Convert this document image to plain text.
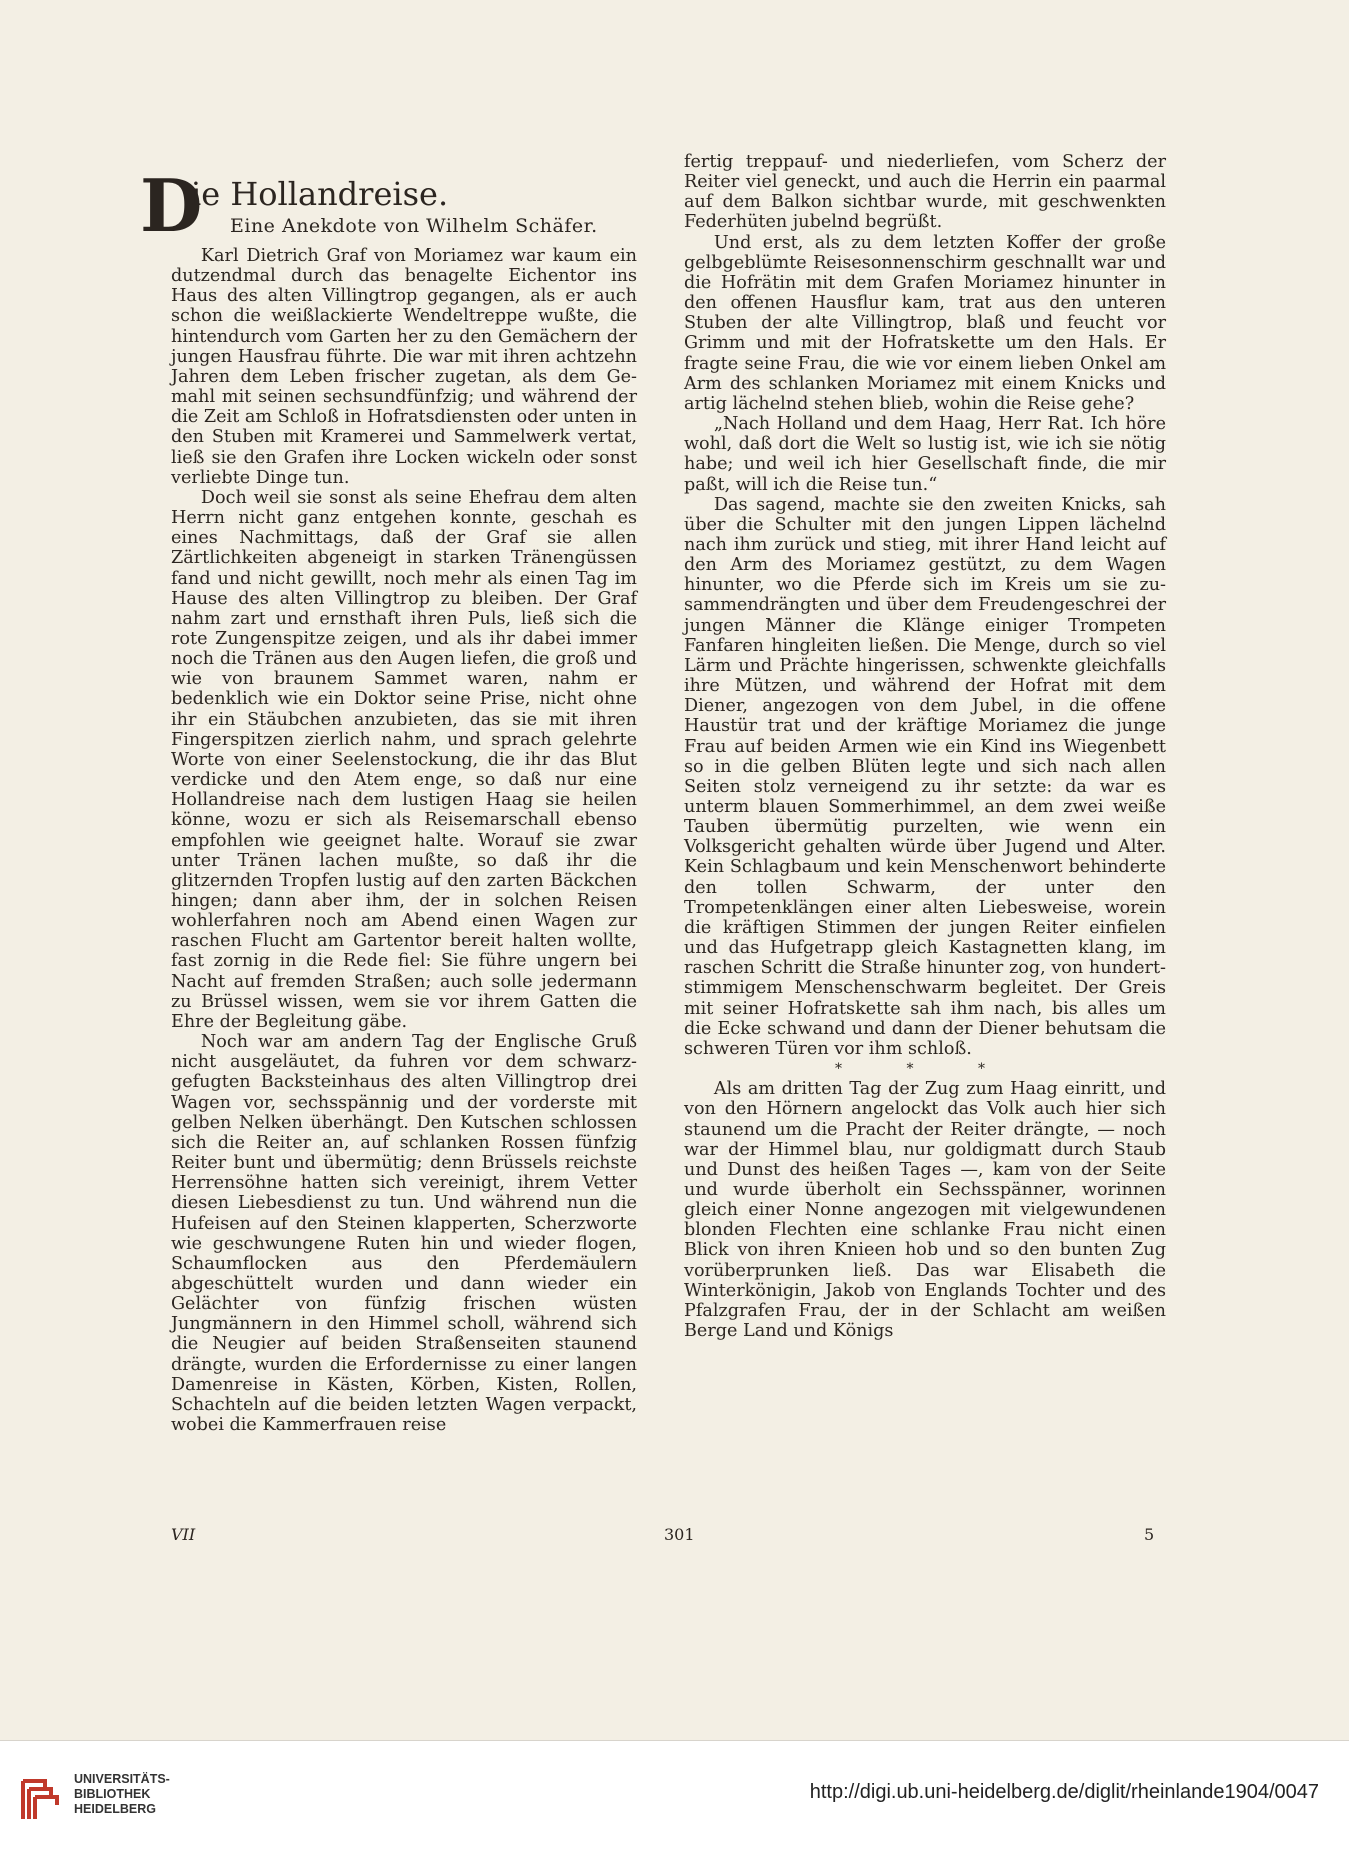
D
ie Hollandreise.
Eine Anekdote von Wilhelm Schäfer.

Karl Dietrich Graf von Moriamez war kaum ein dutzendmal durch das benagelte Eichentor ins Haus des alten Villingtrop gegangen, als er auch schon die weißlackierte Wendeltreppe wußte, die hintendurch vom Garten her zu den Gemächern der jungen Hausfrau führte. Die war mit ihren achtzehn Jahren dem Leben frischer zugetan, als dem Gemahl mit seinen sechsundfünfzig; und während der die Zeit am Schloß in Hofratsdiensten oder unten in den Stuben mit Kramerei und Sammelwerk vertat, ließ sie den Grafen ihre Locken wickeln oder sonst verliebte Dinge tun.

Doch weil sie sonst als seine Ehefrau dem alten Herrn nicht ganz entgehen konnte, geschah es eines Nachmittags, daß der Graf sie allen Zärtlichkeiten abgeneigt in starken Tränengüssen fand und nicht gewillt, noch mehr als einen Tag im Hause des alten Villingtrop zu bleiben. Der Graf nahm zart und ernsthaft ihren Puls, ließ sich die rote Zungenspitze zeigen, und als ihr dabei immer noch die Tränen aus den Augen liefen, die groß und wie von braunem Sammet waren, nahm er bedenklich wie ein Doktor seine Prise, nicht ohne ihr ein Stäubchen anzubieten, das sie mit ihren Fingerspitzen zierlich nahm, und sprach gelehrte Worte von einer Seelenstockung, die ihr das Blut verdicke und den Atem enge, so daß nur eine Hollandreise nach dem lustigen Haag sie heilen könne, wozu er sich als Reisemarschall ebenso empfohlen wie geeignet halte. Worauf sie zwar unter Tränen lachen mußte, so daß ihr die glitzernden Tropfen lustig auf den zarten Bäckchen hingen; dann aber ihm, der in solchen Reisen wohlerfahren noch am Abend einen Wagen zur raschen Flucht am Gartentor bereit halten wollte, fast zornig in die Rede fiel: Sie führe ungern bei Nacht auf fremden Straßen; auch solle jedermann zu Brüssel wissen, wem sie vor ihrem Gatten die Ehre der Begleitung gäbe.

Noch war am andern Tag der Englische Gruß nicht ausgeläutet, da fuhren vor dem schwarzgefugten Backsteinhaus des alten Villingtrop drei Wagen vor, sechsspännig und der vorderste mit gelben Nelken überhängt. Den Kutschen schlossen sich die Reiter an, auf schlanken Rossen fünfzig Reiter bunt und übermütig; denn Brüssels reichste Herrensöhne hatten sich vereinigt, ihrem Vetter diesen Liebesdienst zu tun. Und während nun die Hufeisen auf den Steinen klapperten, Scherzworte wie geschwungene Ruten hin und wieder flogen, Schaumflocken aus den Pferdemäulern abgeschüttelt wurden und dann wieder ein Gelächter von fünfzig frischen wüsten Jungmännern in den Himmel scholl, während sich die Neugier auf beiden Straßenseiten staunend drängte, wurden die Erfordernisse zu einer langen Damenreise in Kästen, Körben, Kisten, Rollen, Schachteln auf die beiden letzten Wagen verpackt, wobei die Kammerfrauen reise

fertig treppauf- und niederliefen, vom Scherz der Reiter viel geneckt, und auch die Herrin ein paarmal auf dem Balkon sichtbar wurde, mit geschwenkten Federhüten jubelnd begrüßt.

Und erst, als zu dem letzten Koffer der große gelbgeblümte Reisesonnenschirm geschnallt war und die Hofrätin mit dem Grafen Moriamez hinunter in den offenen Hausflur kam, trat aus den unteren Stuben der alte Villingtrop, blaß und feucht vor Grimm und mit der Hofratskette um den Hals. Er fragte seine Frau, die wie vor einem lieben Onkel am Arm des schlanken Moriamez mit einem Knicks und artig lächelnd stehen blieb, wohin die Reise gehe?

„Nach Holland und dem Haag, Herr Rat. Ich höre wohl, daß dort die Welt so lustig ist, wie ich sie nötig habe; und weil ich hier Gesellschaft finde, die mir paßt, will ich die Reise tun.“

Das sagend, machte sie den zweiten Knicks, sah über die Schulter mit den jungen Lippen lächelnd nach ihm zurück und stieg, mit ihrer Hand leicht auf den Arm des Moriamez gestützt, zu dem Wagen hinunter, wo die Pferde sich im Kreis um sie zusammendrängten und über dem Freudengeschrei der jungen Männer die Klänge einiger Trompeten Fanfaren hingleiten ließen. Die Menge, durch so viel Lärm und Prächte hingerissen, schwenkte gleichfalls ihre Mützen, und während der Hofrat mit dem Diener, angezogen von dem Jubel, in die offene Haustür trat und der kräftige Moriamez die junge Frau auf beiden Armen wie ein Kind ins Wiegenbett so in die gelben Blüten legte und sich nach allen Seiten stolz verneigend zu ihr setzte: da war es unterm blauen Sommerhimmel, an dem zwei weiße Tauben übermütig purzelten, wie wenn ein Volksgericht gehalten würde über Jugend und Alter. Kein Schlagbaum und kein Menschenwort behinderte den tollen Schwarm, der unter den Trompetenklängen einer alten Liebesweise, worein die kräftigen Stimmen der jungen Reiter einfielen und das Hufgetrapp gleich Kastagnetten klang, im raschen Schritt die Straße hinunter zog, von hundertstimmigem Menschenschwarm begleitet. Der Greis mit seiner Hofratskette sah ihm nach, bis alles um die Ecke schwand und dann der Diener behutsam die schweren Türen vor ihm schloß.

* * *

Als am dritten Tag der Zug zum Haag einritt, und von den Hörnern angelockt das Volk auch hier sich staunend um die Pracht der Reiter drängte, — noch war der Himmel blau, nur goldigmatt durch Staub und Dunst des heißen Tages —, kam von der Seite und wurde überholt ein Sechsspänner, worinnen gleich einer Nonne angezogen mit vielgewundenen blonden Flechten eine schlanke Frau nicht einen Blick von ihren Knieen hob und so den bunten Zug vorüberprunken ließ. Das war Elisabeth die Winterkönigin, Jakob von Englands Tochter und des Pfalzgrafen Frau, der in der Schlacht am weißen Berge Land und Königs

VII	301	5
UNIVERSITÄTS-
BIBLIOTHEK
HEIDELBERG
http://digi.ub.uni-heidelberg.de/diglit/rheinlande1904/0047
